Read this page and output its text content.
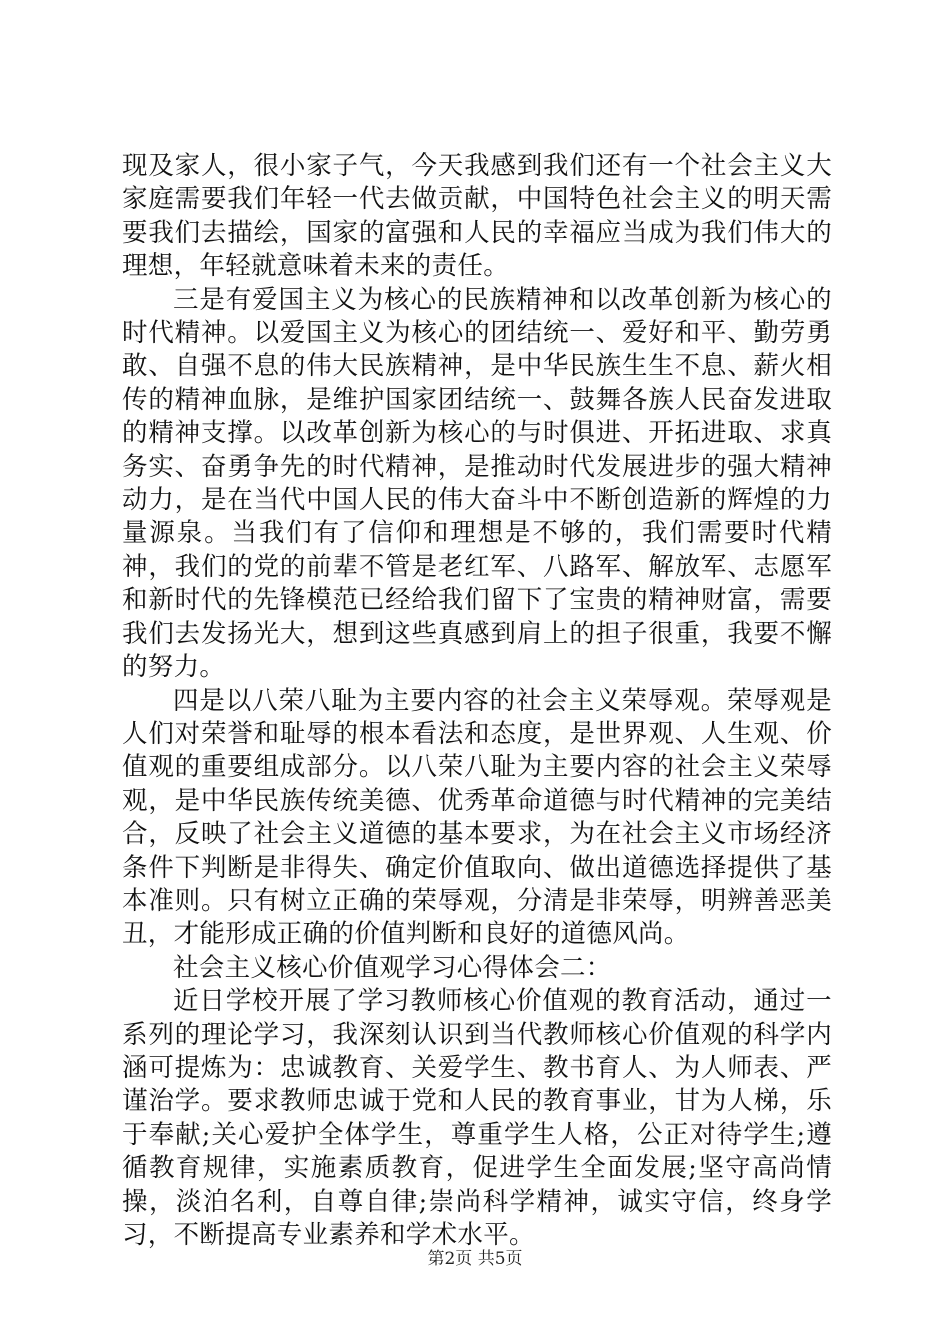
现及家人，很小家子气，今天我感到我们还有一个社会主义大家庭需要我们年轻一代去做贡献，中国特色社会主义的明天需要我们去描绘，国家的富强和人民的幸福应当成为我们伟大的理想，年轻就意味着未来的责任。

三是有爱国主义为核心的民族精神和以改革创新为核心的时代精神。以爱国主义为核心的团结统一、爱好和平、勤劳勇敢、自强不息的伟大民族精神，是中华民族生生不息、薪火相传的精神血脉，是维护国家团结统一、鼓舞各族人民奋发进取的精神支撑。以改革创新为核心的与时俱进、开拓进取、求真务实、奋勇争先的时代精神，是推动时代发展进步的强大精神动力，是在当代中国人民的伟大奋斗中不断创造新的辉煌的力量源泉。当我们有了信仰和理想是不够的，我们需要时代精神，我们的党的前辈不管是老红军、八路军、解放军、志愿军和新时代的先锋模范已经给我们留下了宝贵的精神财富，需要我们去发扬光大，想到这些真感到肩上的担子很重，我要不懈的努力。

四是以八荣八耻为主要内容的社会主义荣辱观。荣辱观是人们对荣誉和耻辱的根本看法和态度，是世界观、人生观、价值观的重要组成部分。以八荣八耻为主要内容的社会主义荣辱观，是中华民族传统美德、优秀革命道德与时代精神的完美结合，反映了社会主义道德的基本要求，为在社会主义市场经济条件下判断是非得失、确定价值取向、做出道德选择提供了基本准则。只有树立正确的荣辱观，分清是非荣辱，明辨善恶美丑，才能形成正确的价值判断和良好的道德风尚。

社会主义核心价值观学习心得体会二：

近日学校开展了学习教师核心价值观的教育活动，通过一系列的理论学习，我深刻认识到当代教师核心价值观的科学内涵可提炼为：忠诚教育、关爱学生、教书育人、为人师表、严谨治学。要求教师忠诚于党和人民的教育事业，甘为人梯，乐于奉献;关心爱护全体学生，尊重学生人格，公正对待学生;遵循教育规律，实施素质教育，促进学生全面发展;坚守高尚情操，淡泊名利，自尊自律;崇尚科学精神，诚实守信，终身学习，不断提高专业素养和学术水平。

第2页 共5页
